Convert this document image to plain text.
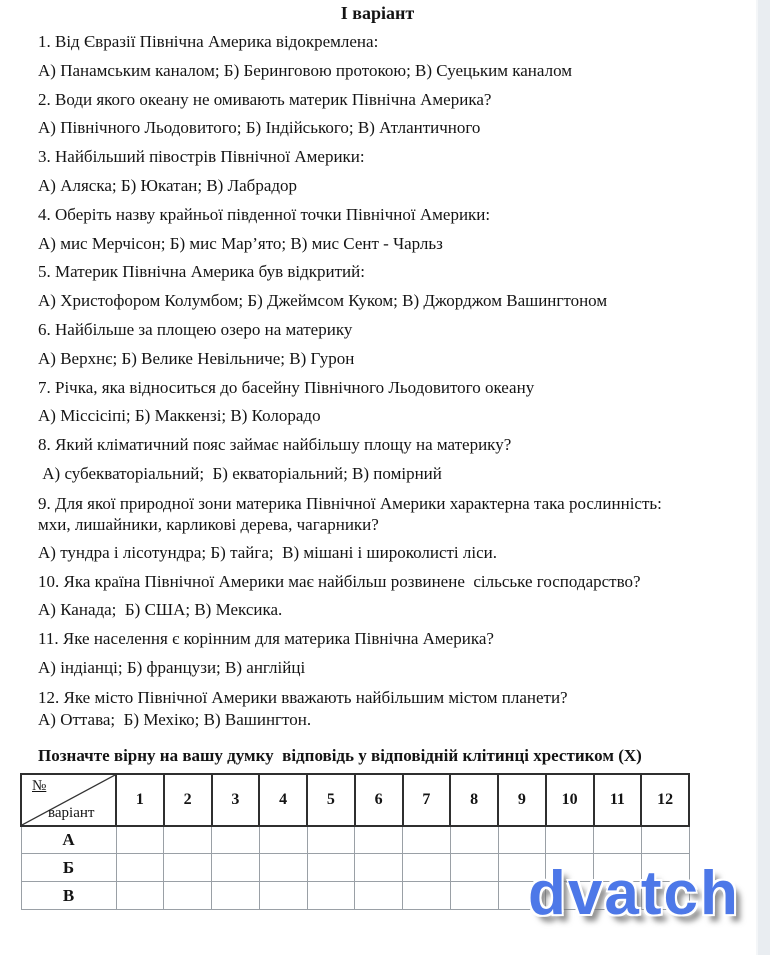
І варіант

1. Від Євразії Північна Америка відокремлена:

А) Панамським каналом; Б) Беринговою протокою; В) Суецьким каналом

2. Води якого океану не омивають материк Північна Америка?

А) Північного Льодовитого; Б) Індійського; В) Атлантичного

3. Найбільший півострів Північної Америки:

А) Аляска; Б) Юкатан; В) Лабрадор

4. Оберіть назву крайньої південної точки Північної Америки:

А) мис Мерчісон; Б) мис Мар’ято; В) мис Сент - Чарльз

5. Материк Північна Америка був відкритий:

А) Христофором Колумбом; Б) Джеймсом Куком; В) Джорджом Вашингтоном

6. Найбільше за площею озеро на материку

А) Верхнє; Б) Велике Невільниче; В) Гурон

7. Річка, яка відноситься до басейну Північного Льодовитого океану

А) Міссісіпі; Б) Маккензі; В) Колорадо

8. Який кліматичний пояс займає найбільшу площу на материку?

А) субекваторіальний;  Б) екваторіальний; В) помірний

9. Для якої природної зони материка Північної Америки характерна така рослинність:
мхи, лишайники, карликові дерева, чагарники?

А) тундра і лісотундра; Б) тайга;  В) мішані і широколисті ліси.

10. Яка країна Північної Америки має найбільш розвинене  сільське господарство?

А) Канада;  Б) США; В) Мексика.

11. Яке населення є корінним для материка Північна Америка?

А) індіанці; Б) французи; В) англійці

12. Яке місто Північної Америки вважають найбільшим містом планети?

А) Оттава;  Б) Мехіко; В) Вашингтон.

Позначте вірну на вашу думку  відповідь у відповідній клітинці хрестиком (Х)

№
варіант	1	2	3	4	5	6	7	8	9	10	11	12
А												
Б												
В													dvatch
